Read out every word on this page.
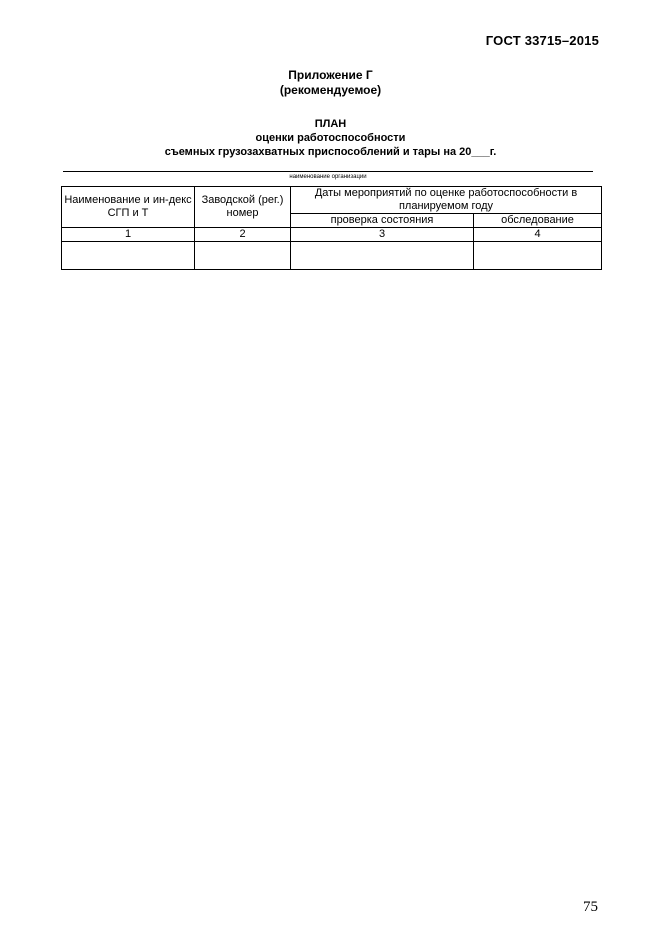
ГОСТ 33715–2015
Приложение Г
(рекомендуемое)
ПЛАН
оценки работоспособности
съемных грузозахватных приспособлений и тары на 20___г.
наименование организации
Наименование и ин-декс СГП и Т	Заводской (рег.) номер	Даты мероприятий по оценке работоспособности в планируемом году	
		проверка состояния	обследование
1	2	3	4

75
